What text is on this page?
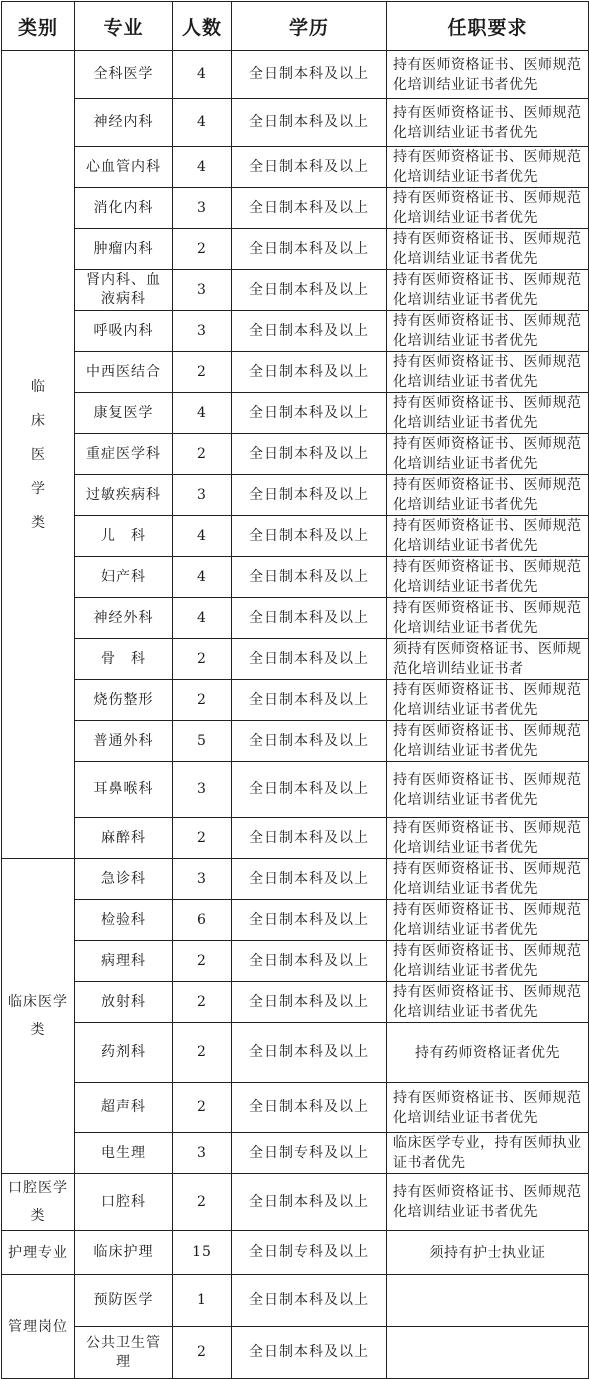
类别	专业	人数	学历	任职要求

临床医学类	全科医学	4	全日制本科及以上	持有医师资格证书、医师规范化培训结业证书者优先
	神经内科	4	全日制本科及以上	持有医师资格证书、医师规范化培训结业证书者优先
	心血管内科	4	全日制本科及以上	持有医师资格证书、医师规范化培训结业证书者优先
	消化内科	3	全日制本科及以上	持有医师资格证书、医师规范化培训结业证书者优先
	肿瘤内科	2	全日制本科及以上	持有医师资格证书、医师规范化培训结业证书者优先
	肾内科、血液病科	3	全日制本科及以上	持有医师资格证书、医师规范化培训结业证书者优先
	呼吸内科	3	全日制本科及以上	持有医师资格证书、医师规范化培训结业证书者优先
	中西医结合	2	全日制本科及以上	持有医师资格证书、医师规范化培训结业证书者优先
	康复医学	4	全日制本科及以上	持有医师资格证书、医师规范化培训结业证书者优先
	重症医学科	2	全日制本科及以上	持有医师资格证书、医师规范化培训结业证书者优先
	过敏疾病科	3	全日制本科及以上	持有医师资格证书、医师规范化培训结业证书者优先
	儿　科	4	全日制本科及以上	持有医师资格证书、医师规范化培训结业证书者优先
	妇产科	4	全日制本科及以上	持有医师资格证书、医师规范化培训结业证书者优先
	神经外科	4	全日制本科及以上	持有医师资格证书、医师规范化培训结业证书者优先
	骨　科	2	全日制本科及以上	须持有医师资格证书、医师规范化培训结业证书者
	烧伤整形	2	全日制本科及以上	持有医师资格证书、医师规范化培训结业证书者优先
	普通外科	5	全日制本科及以上	持有医师资格证书、医师规范化培训结业证书者优先
	耳鼻喉科	3	全日制本科及以上	持有医师资格证书、医师规范化培训结业证书者优先
	麻醉科	2	全日制本科及以上	持有医师资格证书、医师规范化培训结业证书者优先
临床医学类	急诊科	3	全日制本科及以上	持有医师资格证书、医师规范化培训结业证书者优先
	检验科	6	全日制本科及以上	持有医师资格证书、医师规范化培训结业证书者优先
	病理科	2	全日制本科及以上	持有医师资格证书、医师规范化培训结业证书者优先
	放射科	2	全日制本科及以上	持有医师资格证书、医师规范化培训结业证书者优先
	药剂科	2	全日制本科及以上	持有药师资格证者优先
	超声科	2	全日制本科及以上	持有医师资格证书、医师规范化培训结业证书者优先
	电生理	3	全日制专科及以上	临床医学专业，持有医师执业证书者优先
口腔医学类	口腔科	2	全日制本科及以上	持有医师资格证书、医师规范化培训结业证书者优先
护理专业	临床护理	15	全日制专科及以上	须持有护士执业证
管理岗位	预防医学	1	全日制本科及以上	
	公共卫生管理	2	全日制本科及以上	
